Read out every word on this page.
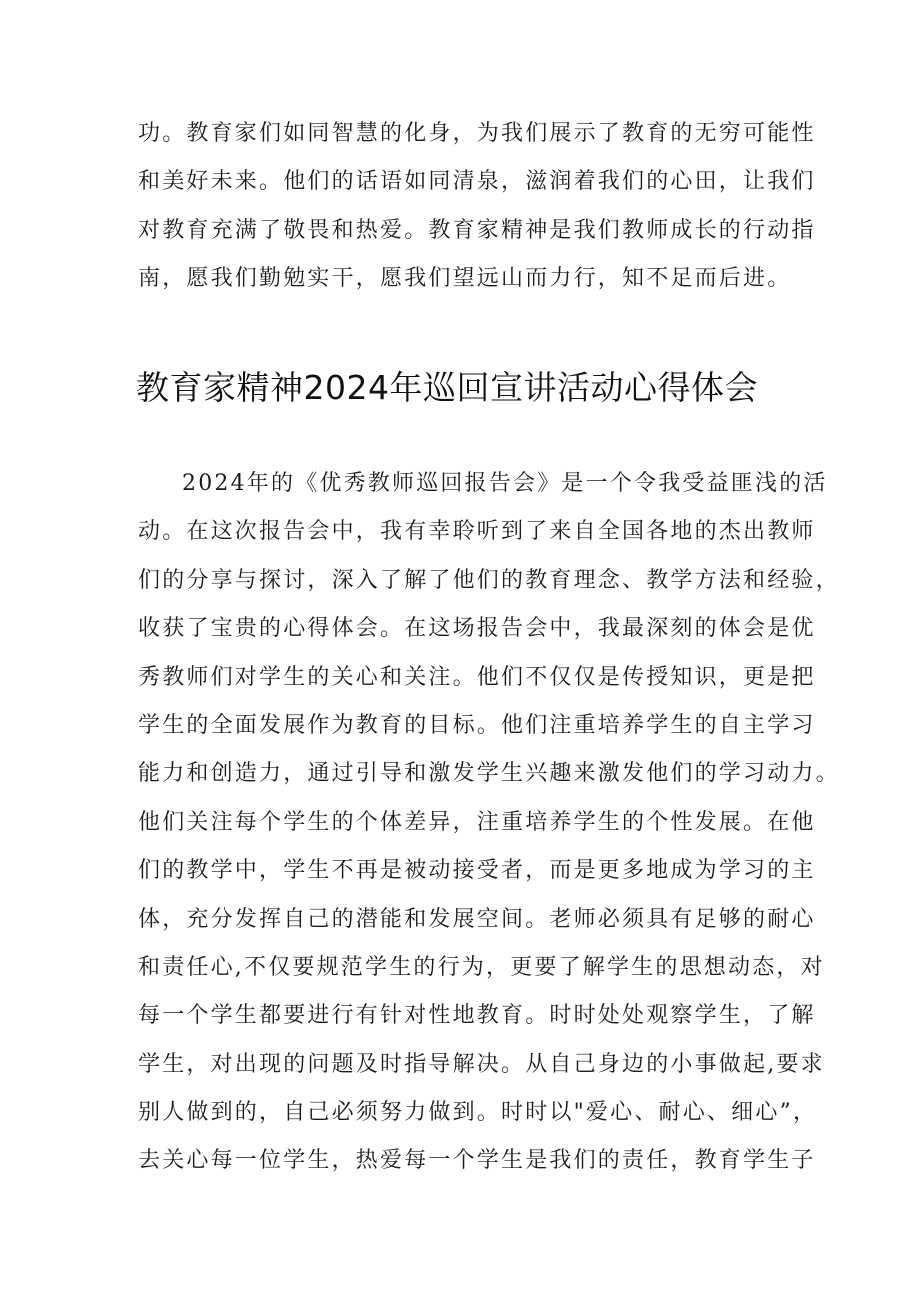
功。教育家们如同智慧的化身，为我们展示了教育的无穷可能性
和美好未来。他们的话语如同清泉，滋润着我们的心田，让我们
对教育充满了敬畏和热爱。教育家精神是我们教师成长的行动指
南，愿我们勤勉实干，愿我们望远山而力行，知不足而后进。
教育家精神2024年巡回宣讲活动心得体会
2024年的《优秀教师巡回报告会》是一个令我受益匪浅的活
动。在这次报告会中，我有幸聆听到了来自全国各地的杰出教师
们的分享与探讨，深入了解了他们的教育理念、教学方法和经验，
收获了宝贵的心得体会。在这场报告会中，我最深刻的体会是优
秀教师们对学生的关心和关注。他们不仅仅是传授知识，更是把
学生的全面发展作为教育的目标。他们注重培养学生的自主学习
能力和创造力，通过引导和激发学生兴趣来激发他们的学习动力。
他们关注每个学生的个体差异，注重培养学生的个性发展。在他
们的教学中，学生不再是被动接受者，而是更多地成为学习的主
体，充分发挥自己的潜能和发展空间。老师必须具有足够的耐心
和责任心,不仅要规范学生的行为，更要了解学生的思想动态，对
每一个学生都要进行有针对性地教育。时时处处观察学生，了解
学生，对出现的问题及时指导解决。从自己身边的小事做起,要求
别人做到的，自己必须努力做到。时时以"爱心、耐心、细心”，
去关心每一位学生，热爱每一个学生是我们的责任，教育学生子
